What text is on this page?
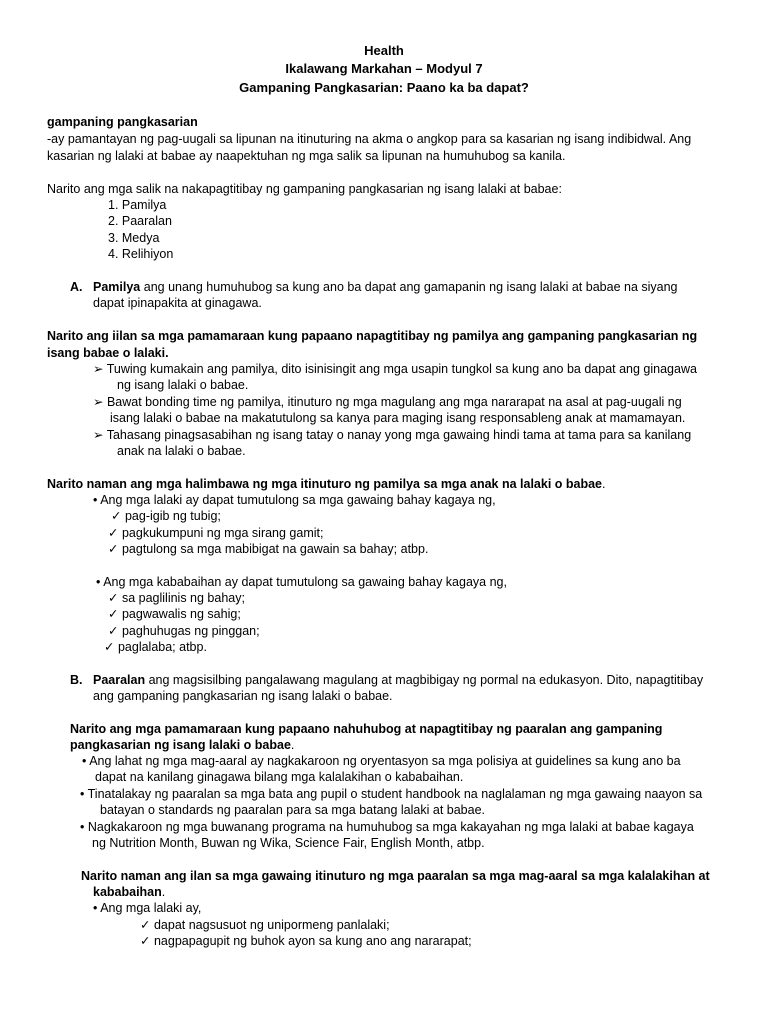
Health
Ikalawang Markahan – Modyul 7
Gampaning Pangkasarian: Paano ka ba dapat?
gampaning pangkasarian
-ay pamantayan ng pag-uugali sa lipunan na itinuturing na akma o angkop para sa kasarian ng isang indibidwal. Ang
kasarian ng lalaki at babae ay naapektuhan ng mga salik sa lipunan na humuhubog sa kanila.
Narito ang mga salik na nakapagtitibay ng gampaning pangkasarian ng isang lalaki at babae:
1. Pamilya
2. Paaralan
3. Medya
4. Relihiyon
A. Pamilya ang unang humuhubog sa kung ano ba dapat ang gamapanin ng isang lalaki at babae na siyang
dapat ipinapakita at ginagawa.
Narito ang iilan sa mga pamamaraan kung papaano napagtitibay ng pamilya ang gampaning pangkasarian ng
isang babae o lalaki.
➢ Tuwing kumakain ang pamilya, dito isinisingit ang mga usapin tungkol sa kung ano ba dapat ang ginagawa
ng isang lalaki o babae.
➢ Bawat bonding time ng pamilya, itinuturo ng mga magulang ang mga nararapat na asal at pag-uugali ng
isang lalaki o babae na makatutulong sa kanya para maging isang responsableng anak at mamamayan.
➢ Tahasang pinagsasabihan ng isang tatay o nanay yong mga gawaing hindi tama at tama para sa kanilang
anak na lalaki o babae.
Narito naman ang mga halimbawa ng mga itinuturo ng pamilya sa mga anak na lalaki o babae.
• Ang mga lalaki ay dapat tumutulong sa mga gawaing bahay kagaya ng,
✓ pag-igib ng tubig;
✓ pagkukumpuni ng mga sirang gamit;
✓ pagtulong sa mga mabibigat na gawain sa bahay; atbp.
• Ang mga kababaihan ay dapat tumutulong sa gawaing bahay kagaya ng,
✓ sa paglilinis ng bahay;
✓ pagwawalis ng sahig;
✓ paghuhugas ng pinggan;
✓ paglalaba; atbp.
B. Paaralan ang magsisilbing pangalawang magulang at magbibigay ng pormal na edukasyon. Dito, napagtitibay
ang gampaning pangkasarian ng isang lalaki o babae.
Narito ang mga pamamaraan kung papaano nahuhubog at napagtitibay ng paaralan ang gampaning
pangkasarian ng isang lalaki o babae.
• Ang lahat ng mga mag-aaral ay nagkakaroon ng oryentasyon sa mga polisiya at guidelines sa kung ano ba
dapat na kanilang ginagawa bilang mga kalalakihan o kababaihan.
• Tinatalakay ng paaralan sa mga bata ang pupil o student handbook na naglalaman ng mga gawaing naayon sa
batayan o standards ng paaralan para sa mga batang lalaki at babae.
• Nagkakaroon ng mga buwanang programa na humuhubog sa mga kakayahan ng mga lalaki at babae kagaya
ng Nutrition Month, Buwan ng Wika, Science Fair, English Month, atbp.
Narito naman ang ilan sa mga gawaing itinuturo ng mga paaralan sa mga mag-aaral sa mga kalalakihan at
kababaihan.
• Ang mga lalaki ay,
✓ dapat nagsusuot ng unipormeng panlalaki;
✓ nagpapagupit ng buhok ayon sa kung ano ang nararapat;
